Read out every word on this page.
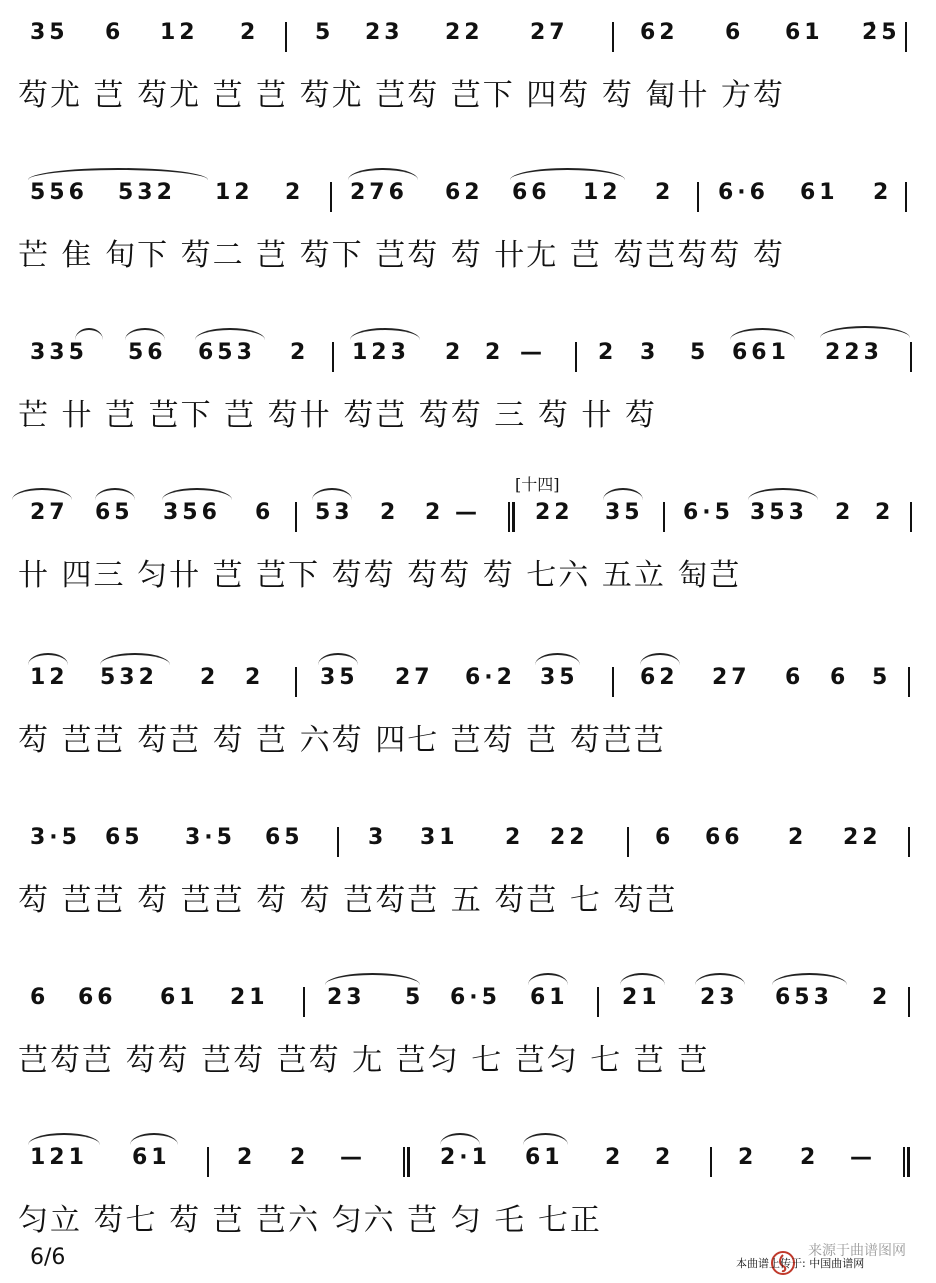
35 6 12 2	5 23 22 27	62 6 61 2̇5
芶尤 芑 芶尤 芑 芑 芶尤 芑芶 芑下 四芶 芶 匐卄 方芶
556 532 12 2 276 62 66 12 2 6·6 61 2
芒 隹 旬下 芶二 芑 芶下 芑芶 芶 卄尢 芑 芶芑芶芶 芶
335 56 653 2 123 2 2 — 2 3 5 661 223
芒 卄 芑 芑下 芑 芶卄 芶芑 芶芶 三 芶 卄 芶
[十四]
27 65 356 6 53 2 2 — 22 35 6·5 353 2 2
卄 四三 匀卄 芑 芑下 芶芶 芶芶 芶 七六 五立 匋芑
12 532 2 2	35 27 6·2 35	62 27 6 6 5
芶 芑芑 芶芑 芶 芑 六芶 四七 芑芶 芑 芶芑芑
3·5 65 3·5 65	3 31 2 22	6 66 2 22
芶 芑芑 芶 芑芑 芶 芶 芑芶芑 五 芶芑 七 芶芑
6 66 61 21	23 5 6·5 61 21 23 653 2
芑芶芑 芶芶 芑芶 芑芶 尢 芑匀 七 芑匀 七 芑 芑
121 61	2 2 —	2·1 61 2 2	2 2 —
匀立 芶七 芶 芑 芑六 匀六 芑 匀 乇 七正
6/6	来源于曲谱图网
本曲谱上传于: 中国曲谱网
